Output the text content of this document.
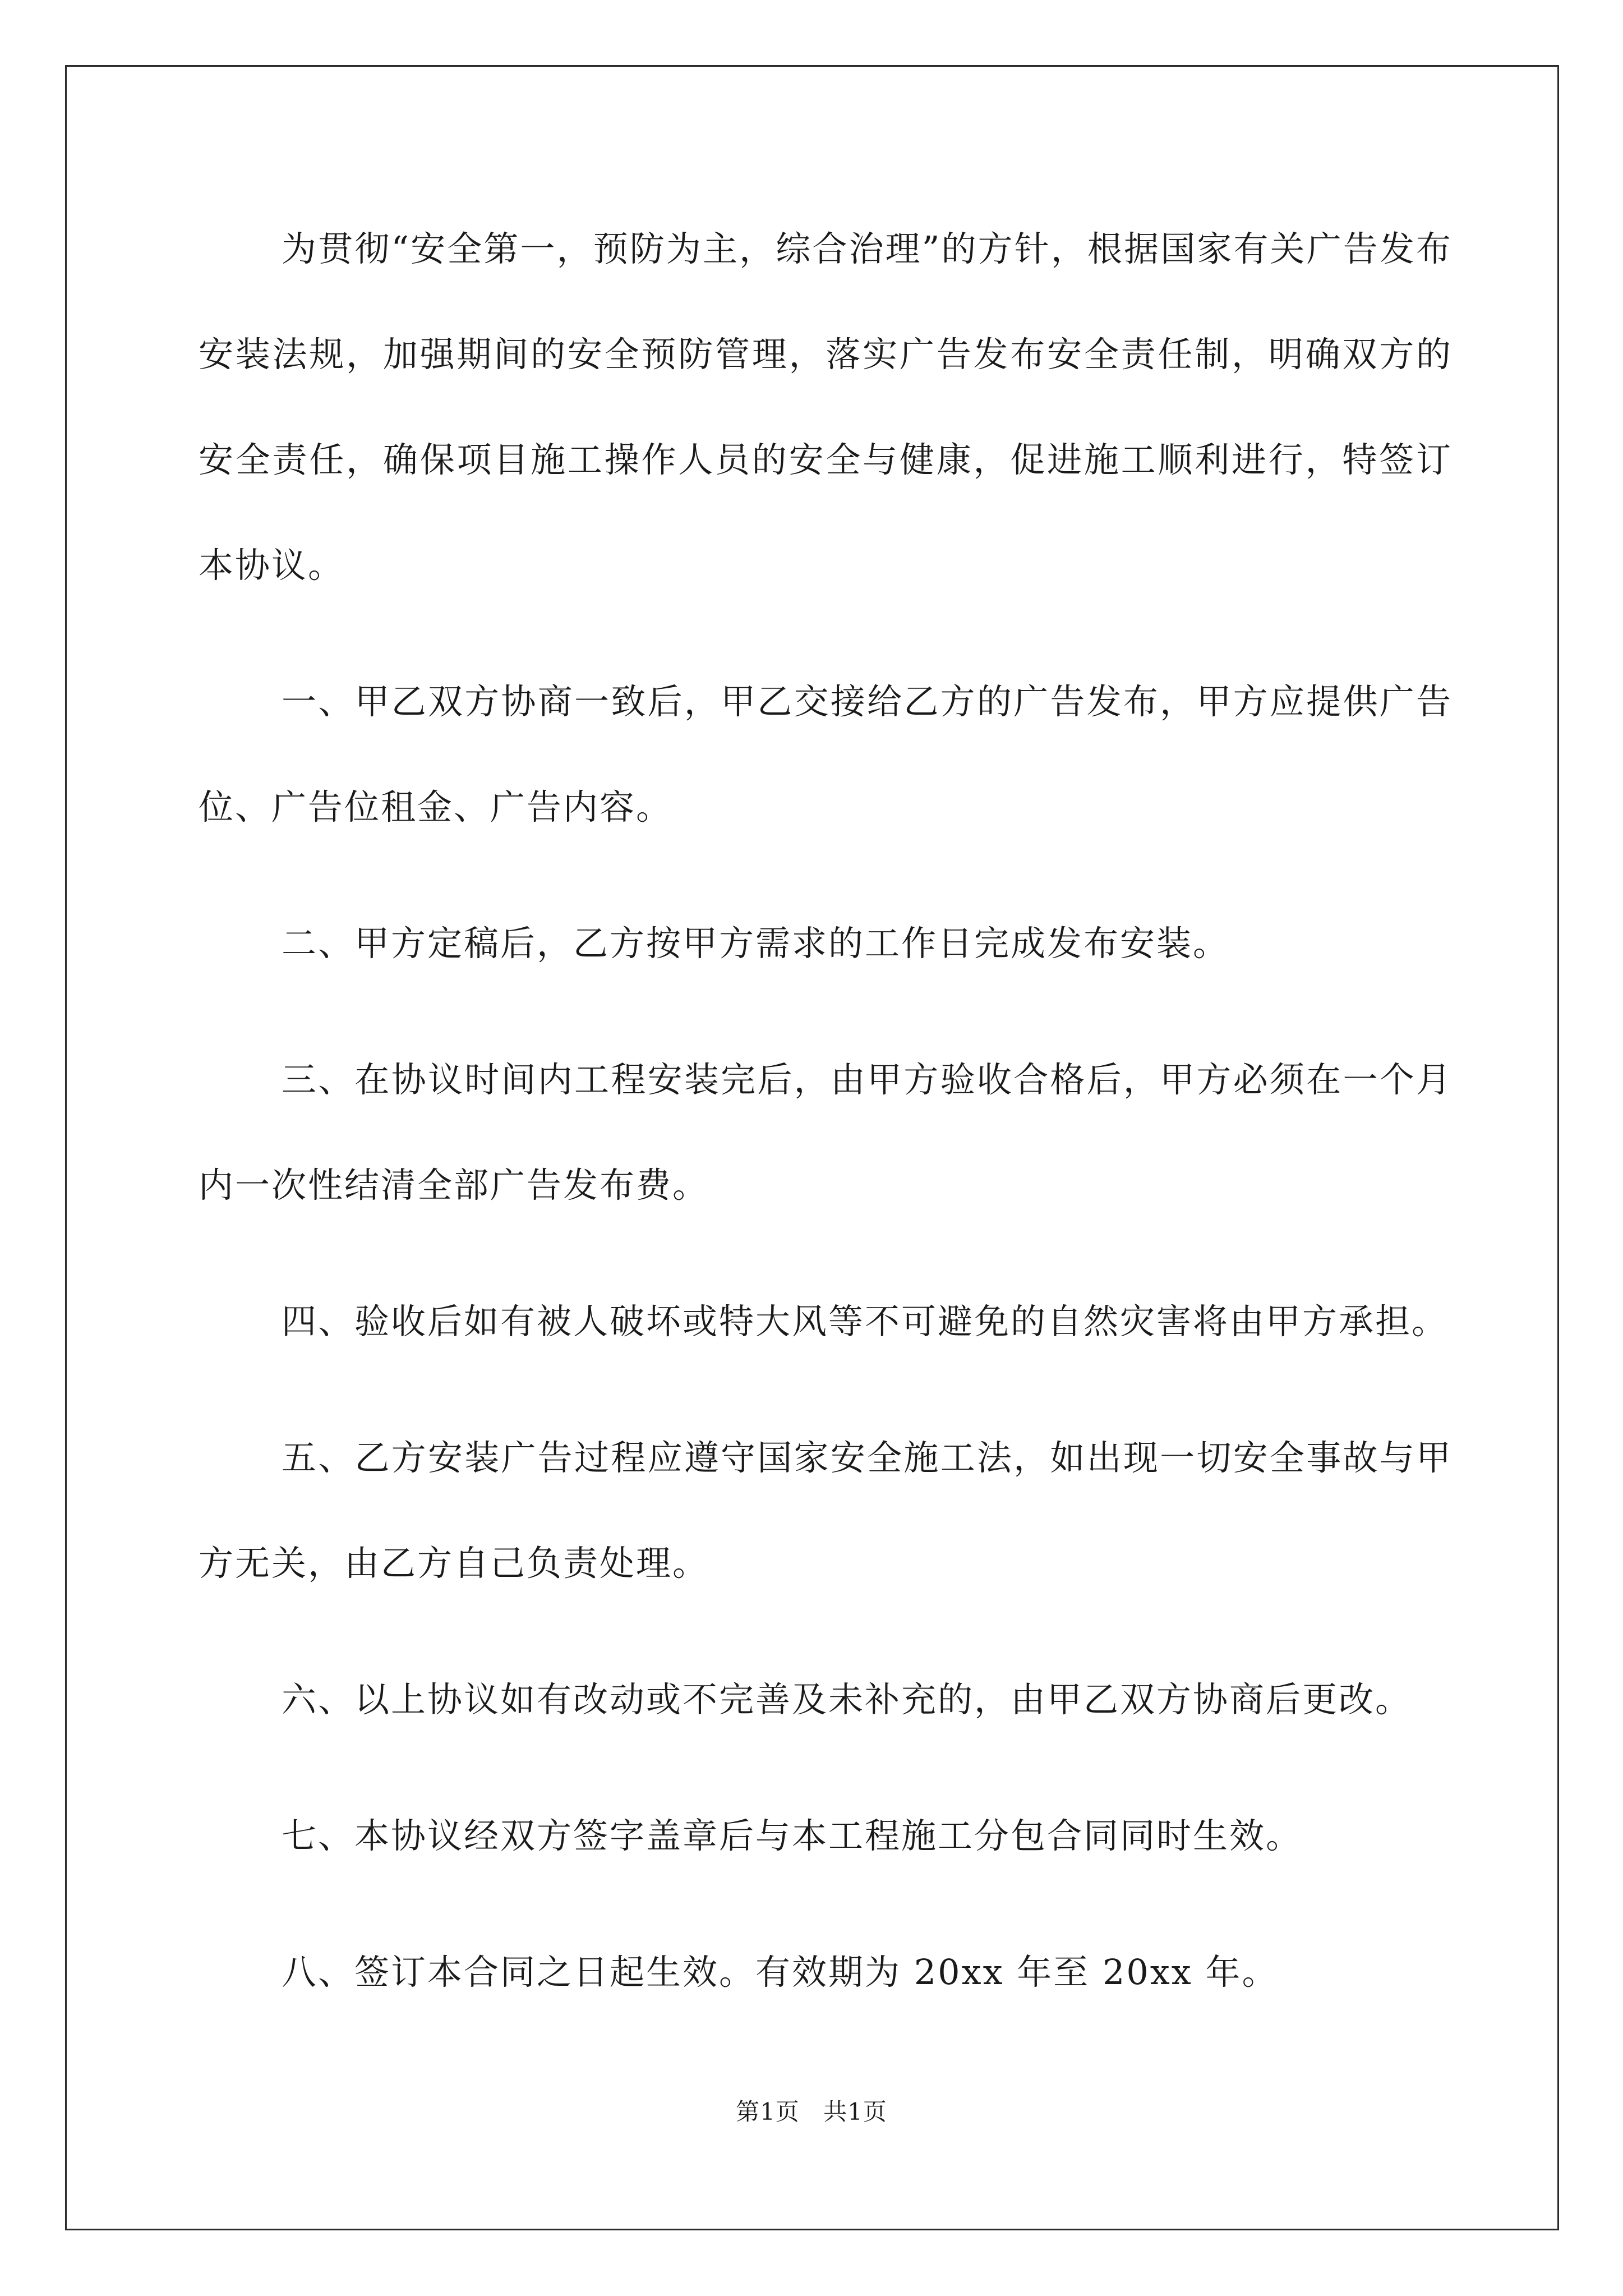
为贯彻“安全第一，预防为主，综合治理”的方针，根据国家有关广告发布安装法规，加强期间的安全预防管理，落实广告发布安全责任制，明确双方的安全责任，确保项目施工操作人员的安全与健康，促进施工顺利进行，特签订本协议。

一、甲乙双方协商一致后，甲乙交接给乙方的广告发布，甲方应提供广告位、广告位租金、广告内容。

二、甲方定稿后，乙方按甲方需求的工作日完成发布安装。

三、在协议时间内工程安装完后，由甲方验收合格后，甲方必须在一个月内一次性结清全部广告发布费。

四、验收后如有被人破坏或特大风等不可避免的自然灾害将由甲方承担。

五、乙方安装广告过程应遵守国家安全施工法，如出现一切安全事故与甲方无关，由乙方自己负责处理。

六、以上协议如有改动或不完善及未补充的，由甲乙双方协商后更改。

七、本协议经双方签字盖章后与本工程施工分包合同同时生效。

八、签订本合同之日起生效。有效期为 20xx 年至 20xx 年。

第1页 共1页
